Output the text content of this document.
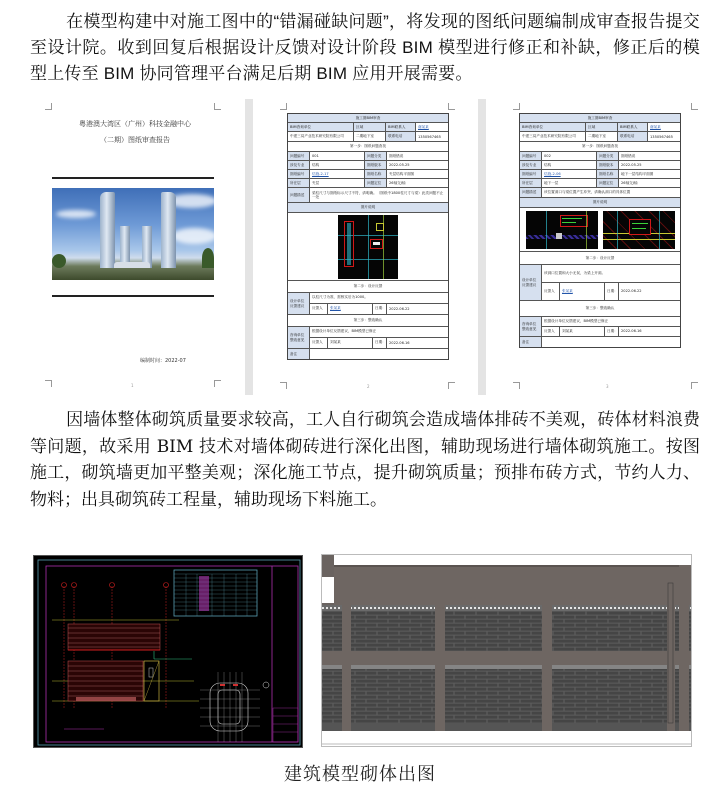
在模型构建中对施工图中的“错漏碰缺问题”，将发现的图纸问题编制成审查报告提交至设计院。收到回复后根据设计反馈对设计阶段 BIM 模型进行修正和补缺，修正后的模型上传至 BIM 协同管理平台满足后期 BIM 应用开展需要。
粤港澳大湾区（广州）科技金融中心
（二期）图纸审查报告
编制时间：2022-07
1
施工图BIM审查
BIM咨询单位	区域	BIM联系人	谢某某
中建三局产业技术研究院有限公司	二期地下室	联系电话	1350567465
第一步：图纸问题查找
问题编号	001	问题分类	图纸错误
涉及专业	结构	图纸版本	2022.05.25
图纸编号	结施-2-17	图纸名称	夹层结构平面图
所在层	夹层	问题定位	26轴交J轴
问题描述	梁柱尺寸与图纸标示尺寸不符，请明确。（图纸中1800柱尺寸与梁）此类问题不止一处
图片说明
第二步：设计反馈
设计单位反馈建议
以柱尺寸为准，需核实后为1000。
反馈人	张某某	日期： 2022.06.22
第三步：整改确认
咨询单位整改意见
根据设计单位反馈建议，BIM模型已修正
反馈人	刘某某	日期： 2022.06.16
备注
2
施工图BIM审查
BIM咨询单位	区域	BIM联系人	谢某某
中建三局产业技术研究院有限公司	二期地下室	联系电话	1350567465
第一步：图纸问题查找
问题编号	002	问题分类	图纸错误
涉及专业	结构	图纸版本	2022.05.25
图纸编号	结施-2-06	图纸名称	地下一层结构平面图
所在层	地下一层	问题定位	26轴交J轴
问题描述	该位置洞口与梁位置产生冲突，请确认洞口的具体位置
图片说明
第二步：设计反馈
设计单位反馈建议
该洞口位置和大小无误，为梁上开洞。
反馈人	张某某	日期： 2022.06.22
第三步：整改确认
咨询单位整改意见
根据设计单位反馈建议，BIM模型已修正
反馈人	刘某某	日期： 2022.06.16
备注
3
因墙体整体砌筑质量要求较高，工人自行砌筑会造成墙体排砖不美观，砖体材料浪费等问题，故采用 BIM 技术对墙体砌砖进行深化出图，辅助现场进行墙体砌筑施工。按图施工，砌筑墙更加平整美观；深化施工节点，提升砌筑质量；预排布砖方式，节约人力、物料；出具砌筑砖工程量，辅助现场下料施工。
建筑模型砌体出图
